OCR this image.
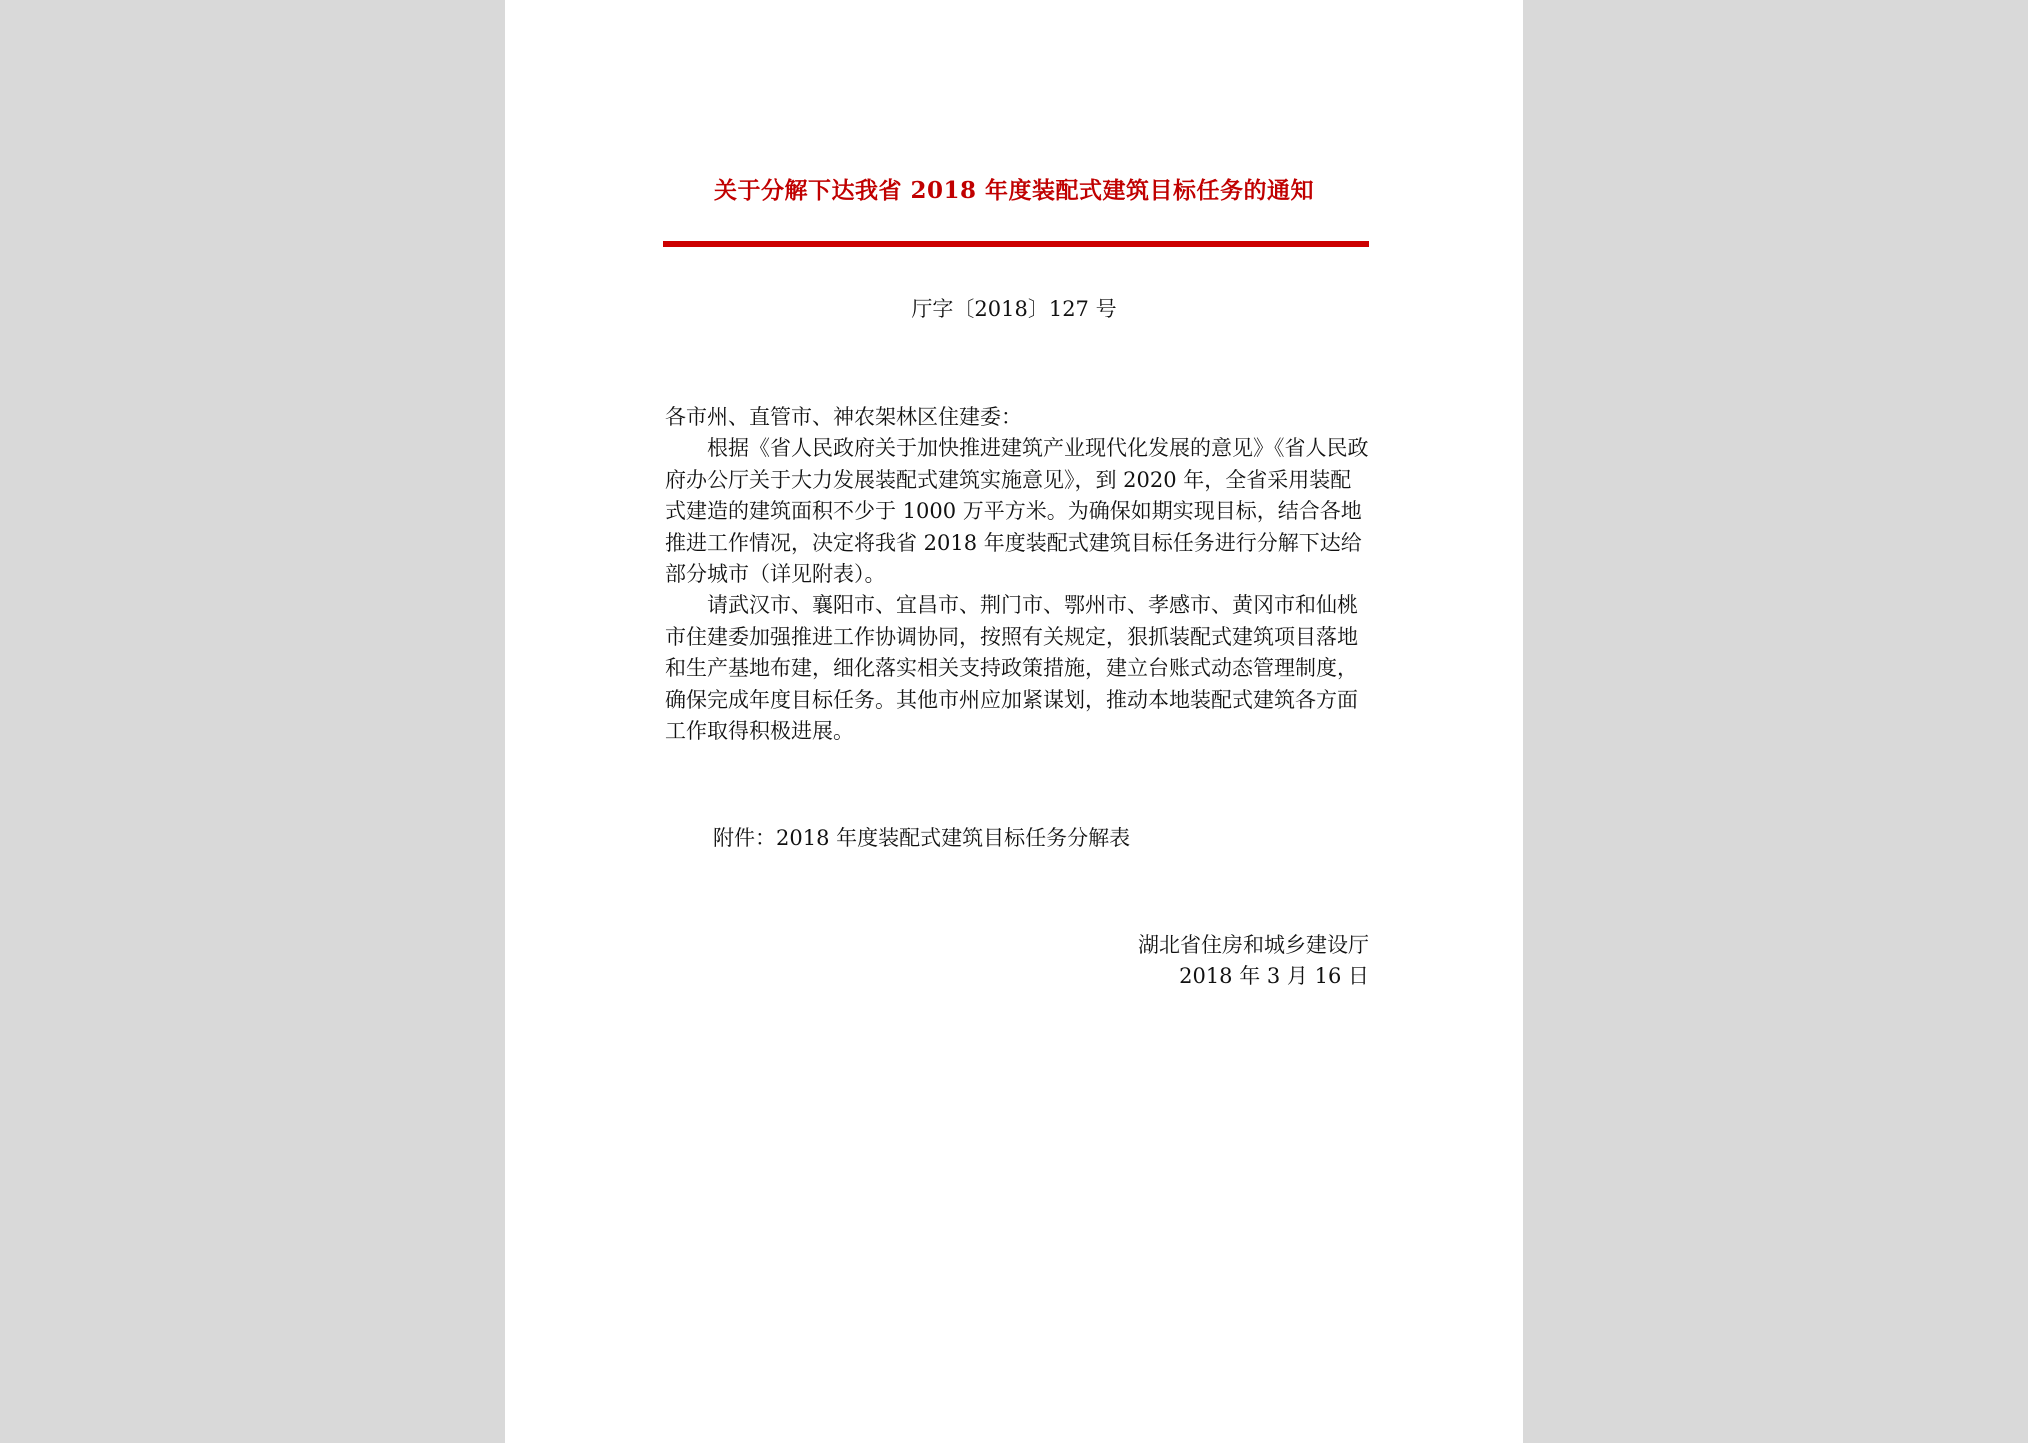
关于分解下达我省 2018 年度装配式建筑目标任务的通知
厅字〔2018〕127 号

各市州、直管市、神农架林区住建委：

根据《省人民政府关于加快推进建筑产业现代化发展的意见》《省人民政府办公厅关于大力发展装配式建筑实施意见》，到 2020 年，全省采用装配式建造的建筑面积不少于 1000 万平方米。为确保如期实现目标，结合各地推进工作情况，决定将我省 2018 年度装配式建筑目标任务进行分解下达给部分城市（详见附表）。

请武汉市、襄阳市、宜昌市、荆门市、鄂州市、孝感市、黄冈市和仙桃市住建委加强推进工作协调协同，按照有关规定，狠抓装配式建筑项目落地和生产基地布建，细化落实相关支持政策措施，建立台账式动态管理制度，确保完成年度目标任务。其他市州应加紧谋划，推动本地装配式建筑各方面工作取得积极进展。

附件：2018 年度装配式建筑目标任务分解表

湖北省住房和城乡建设厅

2018 年 3 月 16 日
